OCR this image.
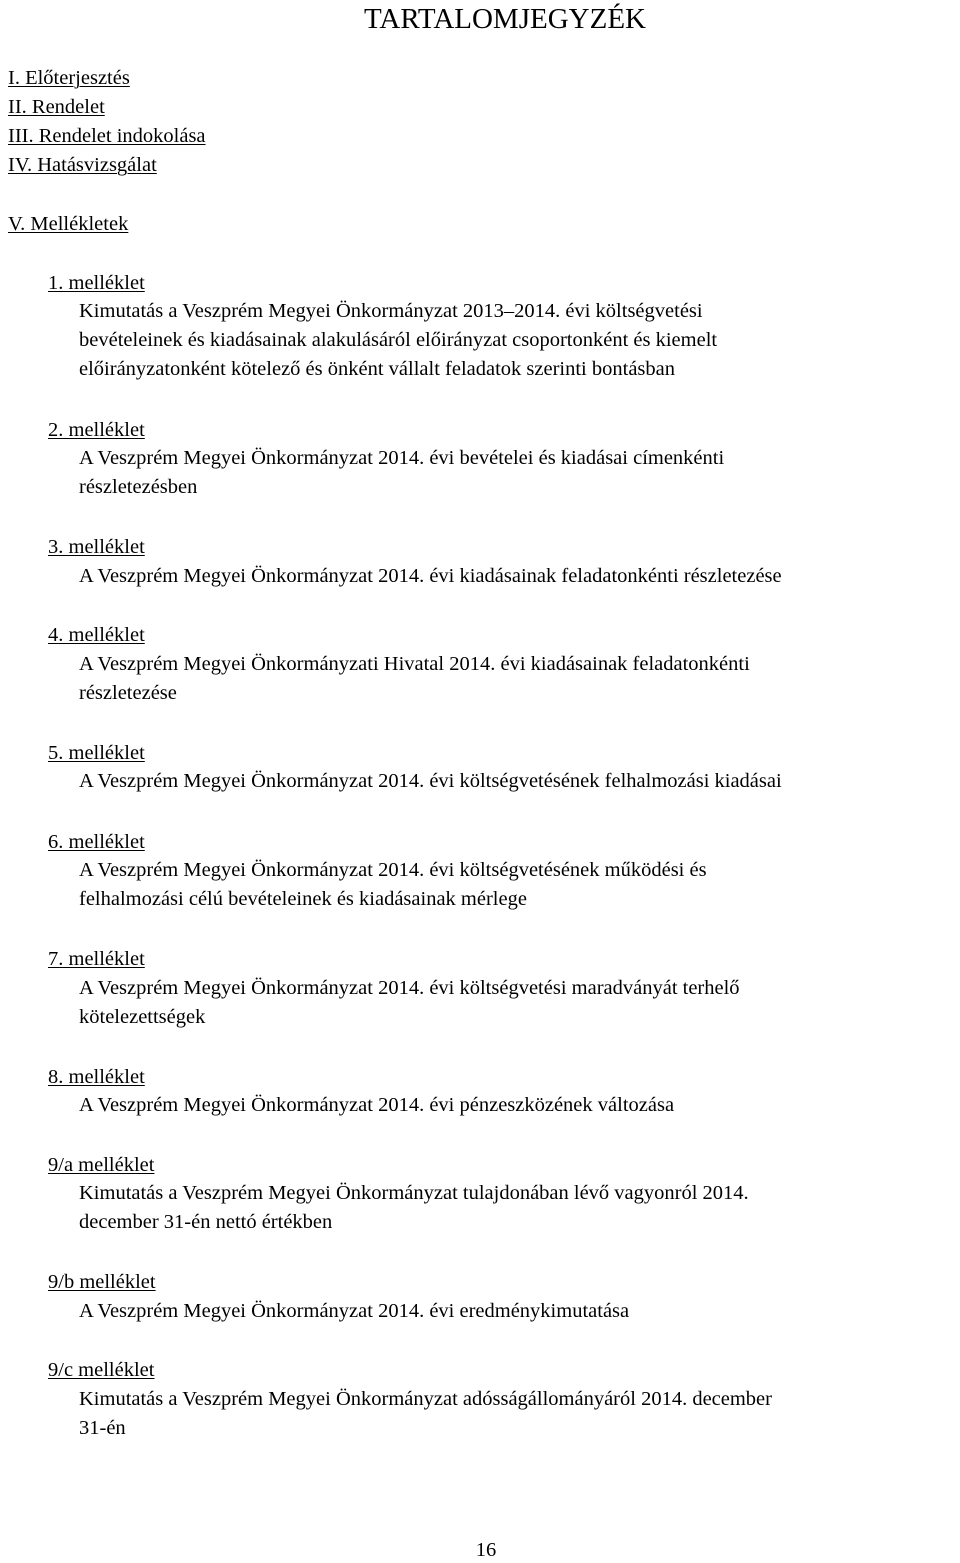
TARTALOMJEGYZÉK
I. Előterjesztés
II. Rendelet
III. Rendelet indokolása
IV. Hatásvizsgálat
V. Mellékletek
1. melléklet
Kimutatás a Veszprém Megyei Önkormányzat 2013–2014. évi költségvetési
bevételeinek és kiadásainak alakulásáról előirányzat csoportonként és kiemelt
előirányzatonként kötelező és önként vállalt feladatok szerinti bontásban
2. melléklet
A Veszprém Megyei Önkormányzat 2014. évi bevételei és kiadásai címenkénti
részletezésben
3. melléklet
A Veszprém Megyei Önkormányzat 2014. évi kiadásainak feladatonkénti részletezése
4. melléklet
A Veszprém Megyei Önkormányzati Hivatal 2014. évi kiadásainak feladatonkénti
részletezése
5. melléklet
A Veszprém Megyei Önkormányzat 2014. évi költségvetésének felhalmozási kiadásai
6. melléklet
A Veszprém Megyei Önkormányzat 2014. évi költségvetésének működési és
felhalmozási célú bevételeinek és kiadásainak mérlege
7. melléklet
A Veszprém Megyei Önkormányzat 2014. évi költségvetési maradványát terhelő
kötelezettségek
8. melléklet
A Veszprém Megyei Önkormányzat 2014. évi pénzeszközének változása
9/a melléklet
Kimutatás a Veszprém Megyei Önkormányzat tulajdonában lévő vagyonról 2014.
december 31-én nettó értékben
9/b melléklet
A Veszprém Megyei Önkormányzat 2014. évi eredménykimutatása
9/c melléklet
Kimutatás a Veszprém Megyei Önkormányzat adósságállományáról 2014. december
31-én
16
